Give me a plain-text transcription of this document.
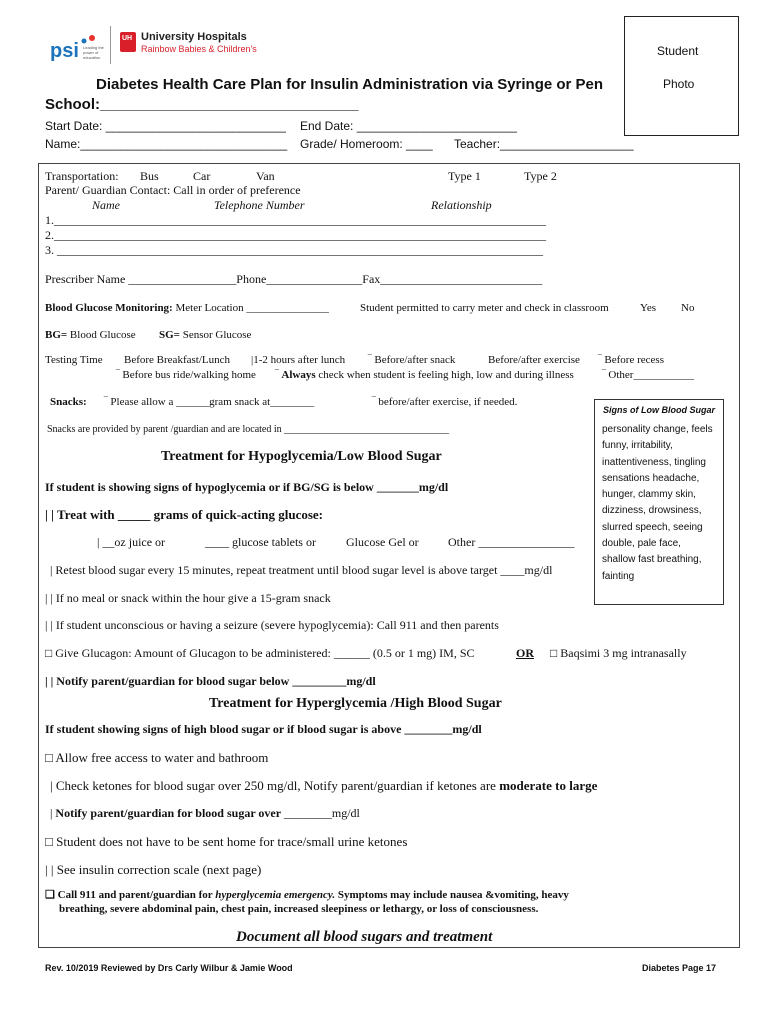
psi Leading the power of education
UH University Hospitals
Rainbow Babies & Children's	Student
Photo
Diabetes Health Care Plan for Insulin Administration via Syringe or Pen
School:_______________________________
Start Date: ___________________________ End Date: ________________________
Name:_______________________________ Grade/ Homeroom: ____ Teacher:____________________
Transportation: Bus	Car	Van	Type 1	Type 2
Parent/ Guardian Contact: Call in order of preference
Name	Telephone Number	Relationship
1.__________________________________________________________________________________
2.__________________________________________________________________________________
3. _________________________________________________________________________________
Prescriber Name __________________Phone________________Fax___________________________
Blood Glucose Monitoring: Meter Location _______________	Student permitted to carry meter and check in classroom	Yes No
BG= Blood Glucose SG= Sensor Glucose
Testing Time Before Breakfast/Lunch |1-2 hours after lunch ‾ Before/after snack	Before/after exercise ‾ Before recess
‾ Before bus ride/walking home ‾ Always check when student is feeling high, low and during illness	‾ Other___________
Snacks: ‾ Please allow a ______gram snack at________	‾ before/after exercise, if needed.
Snacks are provided by parent /guardian and are located in _________________________________
Signs of Low Blood Sugar
personality change, feels
funny, irritability,
inattentiveness, tingling
sensations headache,
hunger, clammy skin,
dizziness, drowsiness,
slurred speech, seeing
double, pale face,
shallow fast breathing,
fainting
Treatment for Hypoglycemia/Low Blood Sugar
If student is showing signs of hypoglycemia or if BG/SG is below _______mg/dl
| | Treat with _____ grams of quick-acting glucose:
| __oz juice or	____ glucose tablets or	Glucose Gel or Other ________________
| Retest blood sugar every 15 minutes, repeat treatment until blood sugar level is above target ____mg/dl
| | If no meal or snack within the hour give a 15-gram snack
| | If student unconscious or having a seizure (severe hypoglycemia): Call 911 and then parents
□ Give Glucagon: Amount of Glucagon to be administered: ______ (0.5 or 1 mg) IM, SC	OR □ Baqsimi 3 mg intranasally
| | Notify parent/guardian for blood sugar below _________mg/dl
Treatment for Hyperglycemia /High Blood Sugar
If student showing signs of high blood sugar or if blood sugar is above ________mg/dl
□ Allow free access to water and bathroom
| Check ketones for blood sugar over 250 mg/dl, Notify parent/guardian if ketones are moderate to large
| Notify parent/guardian for blood sugar over ________mg/dl
□ Student does not have to be sent home for trace/small urine ketones
| | See insulin correction scale (next page)
❏ Call 911 and parent/guardian for hyperglycemia emergency. Symptoms may include nausea &vomiting, heavy
breathing, severe abdominal pain, chest pain, increased sleepiness or lethargy, or loss of consciousness.
Document all blood sugars and treatment
Rev. 10/2019 Reviewed by Drs Carly Wilbur & Jamie Wood	Diabetes Page 17
